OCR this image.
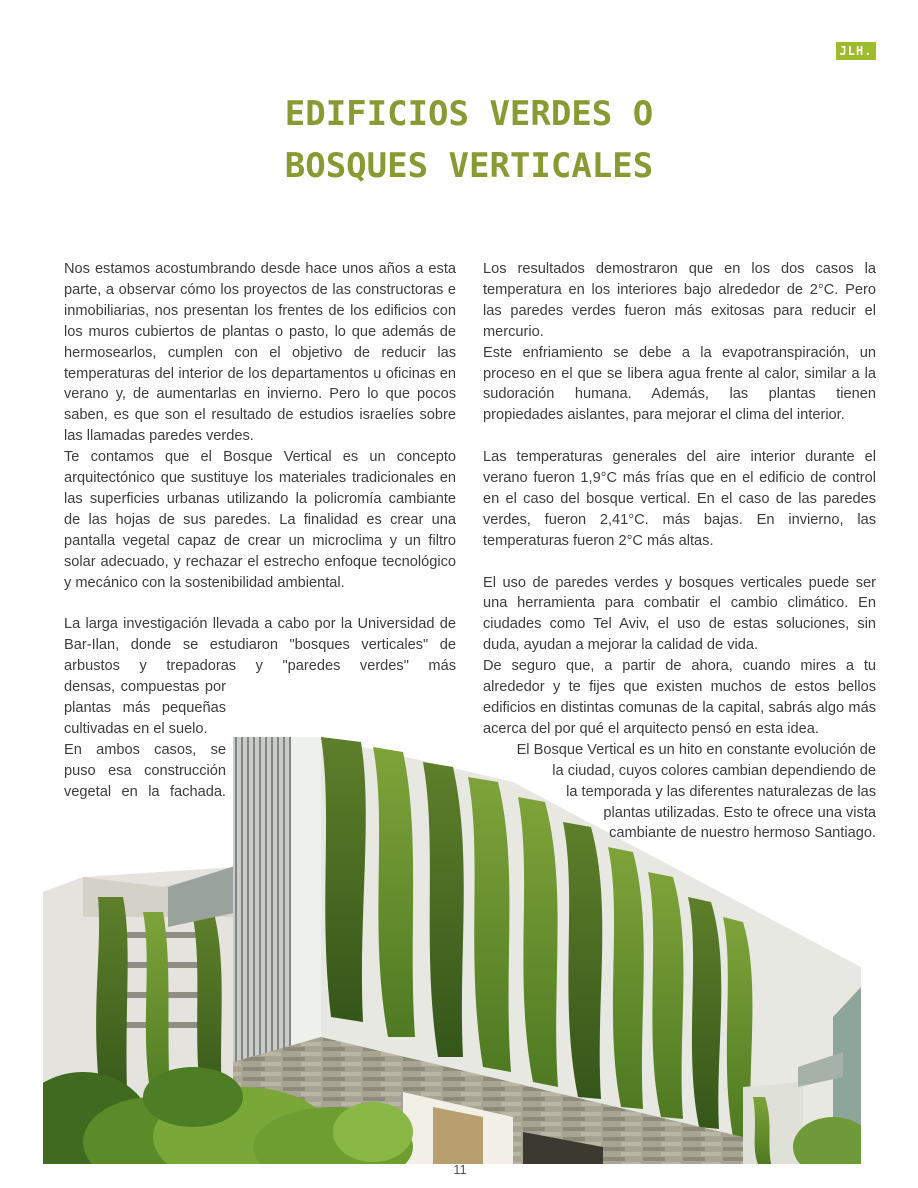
JLH.
EDIFICIOS VERDES O
BOSQUES VERTICALES

Nos estamos acostumbrando desde hace unos años a esta parte, a observar cómo los proyectos de las constructoras e inmobiliarias, nos presentan los frentes de los edificios con los muros cubiertos de plantas o pasto, lo que además de hermosearlos, cumplen con el objetivo de reducir las temperaturas del interior de los departamentos u oficinas en verano y, de aumentarlas en invierno. Pero lo que pocos saben, es que son el resultado de estudios israelíes sobre las llamadas paredes verdes.

Te contamos que el Bosque Vertical es un concepto arquitectónico que sustituye los materiales tradicionales en las superficies urbanas utilizando la policromía cambiante de las hojas de sus paredes. La finalidad es crear una pantalla vegetal capaz de crear un microclima y un filtro solar adecuado, y rechazar el estrecho enfoque tecnológico y mecánico con la sostenibilidad ambiental.

La larga investigación llevada a cabo por la Universidad de Bar-Ilan, donde se estudiaron "bosques verticales" de arbustos y trepadoras y "paredes verdes" más

densas, compuestas por

plantas más pequeñas

cultivadas en el suelo.

En ambos casos, se

puso esa construcción

vegetal en la fachada.

Los resultados demostraron que en los dos casos la temperatura en los interiores bajo alrededor de 2°C. Pero las paredes verdes fueron más exitosas para reducir el mercurio.

Este enfriamiento se debe a la evapotranspiración, un proceso en el que se libera agua frente al calor, similar a la sudoración humana. Además, las plantas tienen propiedades aislantes, para mejorar el clima del interior.

Las temperaturas generales del aire interior durante el verano fueron 1,9°C más frías que en el edificio de control en el caso del bosque vertical. En el caso de las paredes verdes, fueron 2,41°C. más bajas. En invierno, las temperaturas fueron 2°C más altas.

El uso de paredes verdes y bosques verticales puede ser una herramienta para combatir el cambio climático. En ciudades como Tel Aviv, el uso de estas soluciones, sin duda, ayudan a mejorar la calidad de vida.

De seguro que, a partir de ahora, cuando mires a tu alrededor y te fijes que existen muchos de estos bellos edificios en distintas comunas de la capital, sabrás algo más acerca del por qué el arquitecto pensó en esta idea.

El Bosque Vertical es un hito en constante evolución de

la ciudad, cuyos colores cambian dependiendo de

la temporada y las diferentes naturalezas de las

plantas utilizadas. Esto te ofrece una vista

cambiante de nuestro hermoso Santiago.

11
